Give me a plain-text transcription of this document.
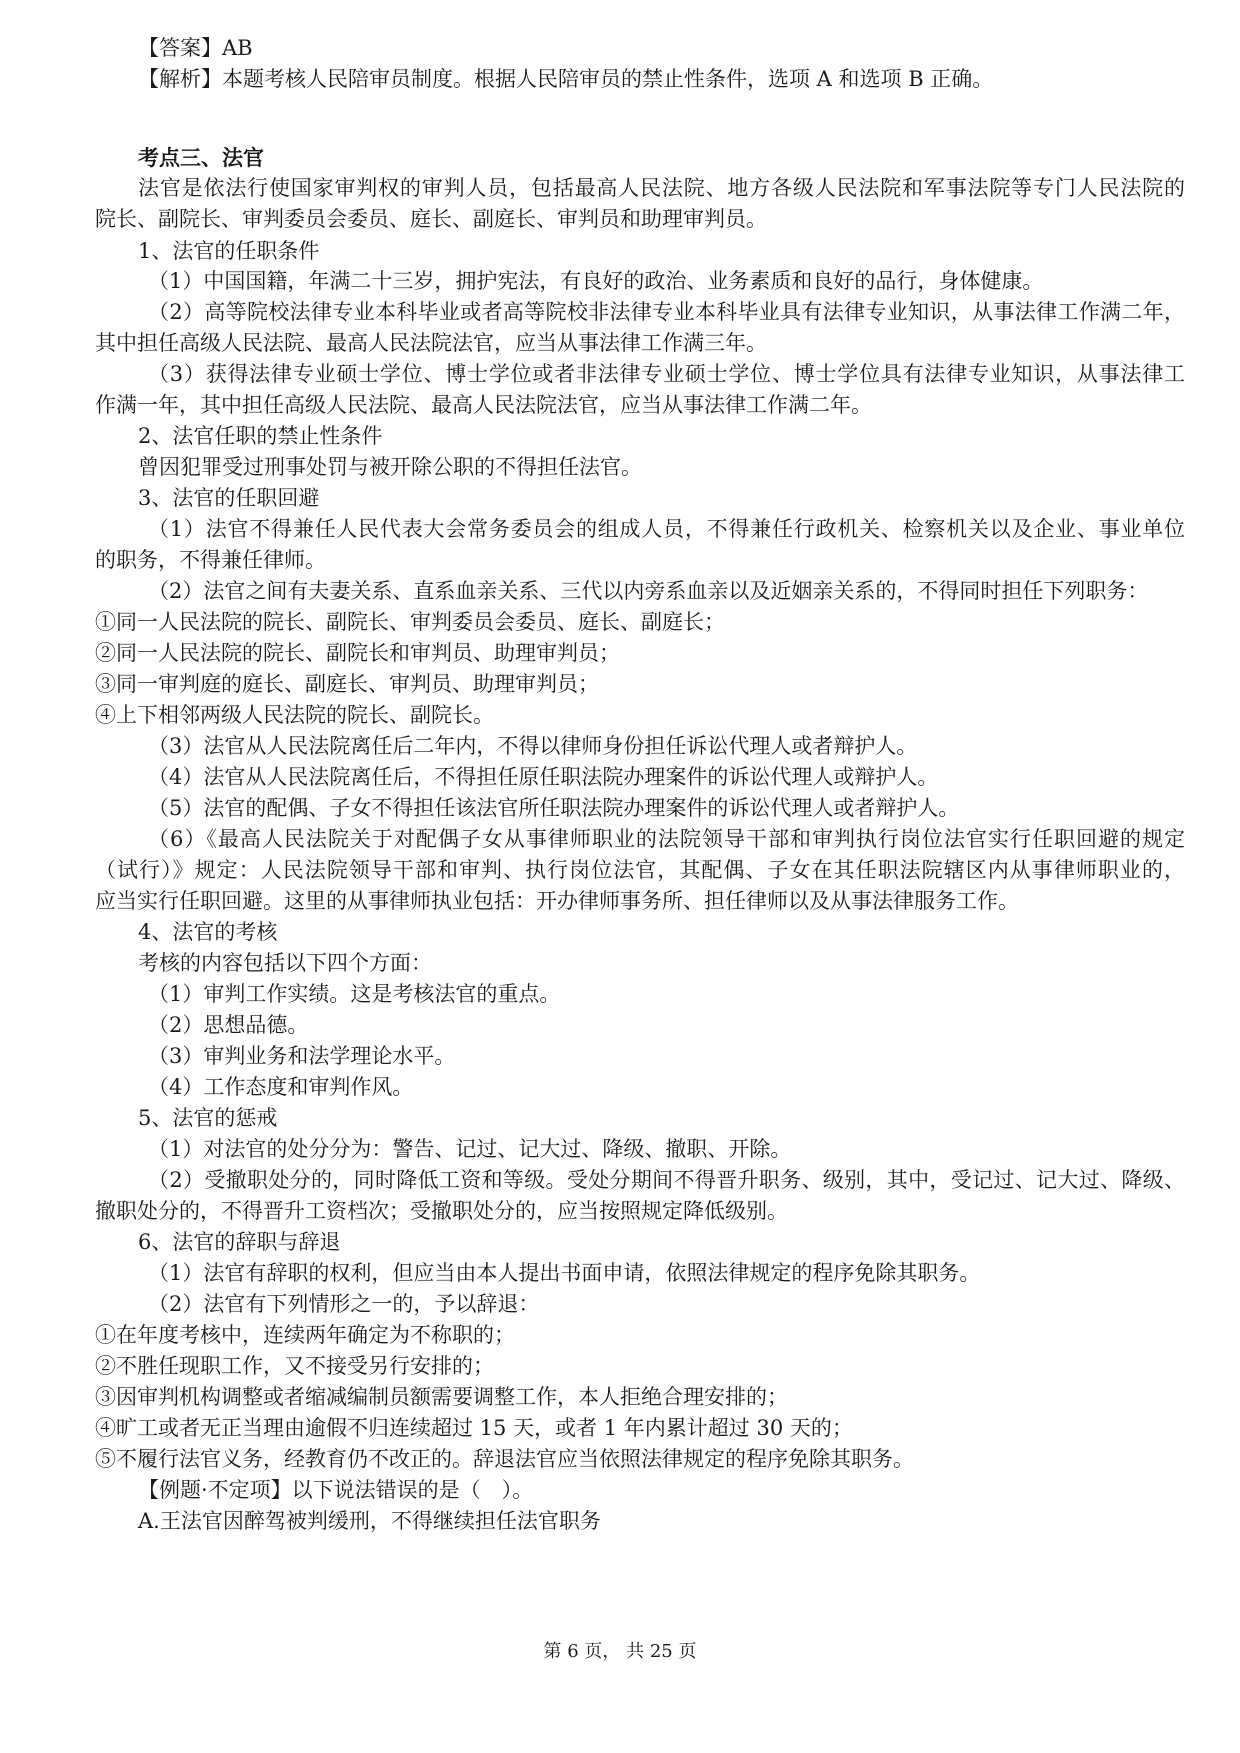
【答案】AB
【解析】本题考核人民陪审员制度。根据人民陪审员的禁止性条件，选项 A 和选项 B 正确。
考点三、法官
法官是依法行使国家审判权的审判人员，包括最高人民法院、地方各级人民法院和军事法院等专门人民法院的
院长、副院长、审判委员会委员、庭长、副庭长、审判员和助理审判员。
1、法官的任职条件
（1）中国国籍，年满二十三岁，拥护宪法，有良好的政治、业务素质和良好的品行，身体健康。
（2）高等院校法律专业本科毕业或者高等院校非法律专业本科毕业具有法律专业知识，从事法律工作满二年，
其中担任高级人民法院、最高人民法院法官，应当从事法律工作满三年。
（3）获得法律专业硕士学位、博士学位或者非法律专业硕士学位、博士学位具有法律专业知识，从事法律工
作满一年，其中担任高级人民法院、最高人民法院法官，应当从事法律工作满二年。
2、法官任职的禁止性条件
曾因犯罪受过刑事处罚与被开除公职的不得担任法官。
3、法官的任职回避
（1）法官不得兼任人民代表大会常务委员会的组成人员，不得兼任行政机关、检察机关以及企业、事业单位
的职务，不得兼任律师。
（2）法官之间有夫妻关系、直系血亲关系、三代以内旁系血亲以及近姻亲关系的，不得同时担任下列职务：
①同一人民法院的院长、副院长、审判委员会委员、庭长、副庭长；
②同一人民法院的院长、副院长和审判员、助理审判员；
③同一审判庭的庭长、副庭长、审判员、助理审判员；
④上下相邻两级人民法院的院长、副院长。
（3）法官从人民法院离任后二年内，不得以律师身份担任诉讼代理人或者辩护人。
（4）法官从人民法院离任后，不得担任原任职法院办理案件的诉讼代理人或辩护人。
（5）法官的配偶、子女不得担任该法官所任职法院办理案件的诉讼代理人或者辩护人。
（6）《最高人民法院关于对配偶子女从事律师职业的法院领导干部和审判执行岗位法官实行任职回避的规定
（试行）》规定：人民法院领导干部和审判、执行岗位法官，其配偶、子女在其任职法院辖区内从事律师职业的，
应当实行任职回避。这里的从事律师执业包括：开办律师事务所、担任律师以及从事法律服务工作。
4、法官的考核
考核的内容包括以下四个方面：
（1）审判工作实绩。这是考核法官的重点。
（2）思想品德。
（3）审判业务和法学理论水平。
（4）工作态度和审判作风。
5、法官的惩戒
（1）对法官的处分分为：警告、记过、记大过、降级、撤职、开除。
（2）受撤职处分的，同时降低工资和等级。受处分期间不得晋升职务、级别，其中，受记过、记大过、降级、
撤职处分的，不得晋升工资档次；受撤职处分的，应当按照规定降低级别。
6、法官的辞职与辞退
（1）法官有辞职的权利，但应当由本人提出书面申请，依照法律规定的程序免除其职务。
（2）法官有下列情形之一的，予以辞退：
①在年度考核中，连续两年确定为不称职的；
②不胜任现职工作，又不接受另行安排的；
③因审判机构调整或者缩减编制员额需要调整工作，本人拒绝合理安排的；
④旷工或者无正当理由逾假不归连续超过 15 天，或者 1 年内累计超过 30 天的；
⑤不履行法官义务，经教育仍不改正的。辞退法官应当依照法律规定的程序免除其职务。
【例题·不定项】以下说法错误的是（　）。
A.王法官因醉驾被判缓刑，不得继续担任法官职务
第 6 页， 共 25 页
